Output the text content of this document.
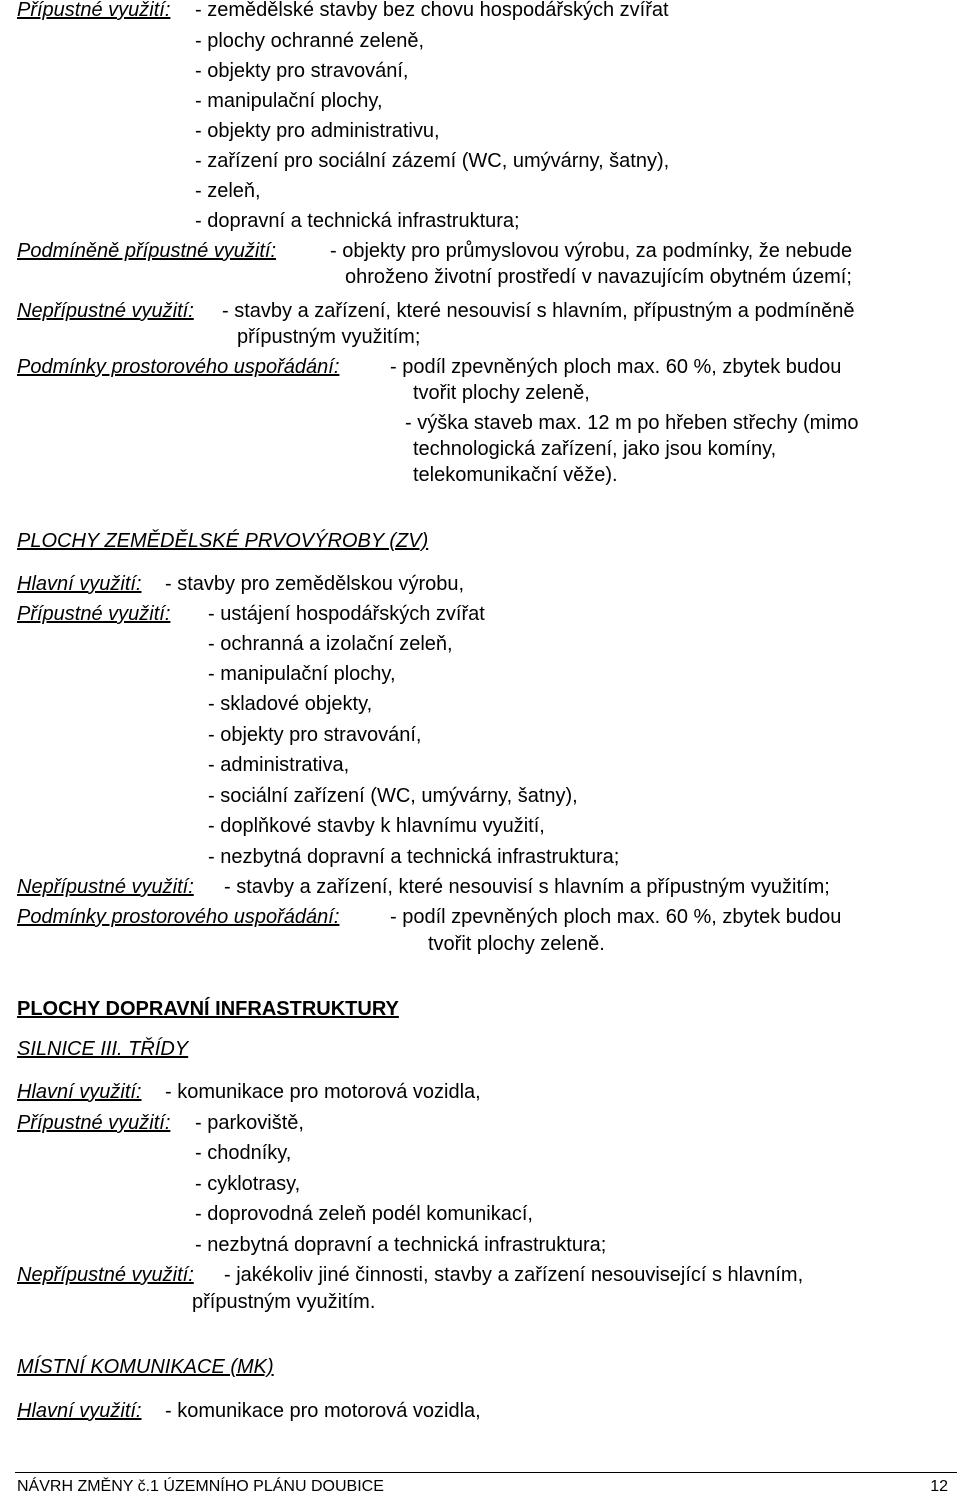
Přípustné využití: - zemědělské stavby bez chovu hospodářských zvířat
- plochy ochranné zeleně,
- objekty pro stravování,
- manipulační plochy,
- objekty pro administrativu,
- zařízení pro sociální zázemí (WC, umývárny, šatny),
- zeleň,
- dopravní a technická infrastruktura;
Podmíněně přípustné využití:	- objekty pro průmyslovou výrobu, za podmínky, že nebude
ohroženo životní prostředí v navazujícím obytném území;
Nepřípustné využití: - stavby a zařízení, které nesouvisí s hlavním, přípustným a podmíněně
přípustným využitím;
Podmínky prostorového uspořádání:	- podíl zpevněných ploch max. 60 %, zbytek budou
tvořit plochy zeleně,
- výška staveb max. 12 m po hřeben střechy (mimo
technologická zařízení, jako jsou komíny,
telekomunikační věže).
PLOCHY ZEMĚDĚLSKÉ PRVOVÝROBY (ZV)
Hlavní využití: - stavby pro zemědělskou výrobu,
Přípustné využití: - ustájení hospodářských zvířat
- ochranná a izolační zeleň,
- manipulační plochy,
- skladové objekty,
- objekty pro stravování,
- administrativa,
- sociální zařízení (WC, umývárny, šatny),
- doplňkové stavby k hlavnímu využití,
- nezbytná dopravní a technická infrastruktura;
Nepřípustné využití: - stavby a zařízení, které nesouvisí s hlavním a přípustným využitím;
Podmínky prostorového uspořádání:	- podíl zpevněných ploch max. 60 %, zbytek budou
tvořit plochy zeleně.
PLOCHY DOPRAVNÍ INFRASTRUKTURY
SILNICE III. TŘÍDY
Hlavní využití: - komunikace pro motorová vozidla,
Přípustné využití: - parkoviště,
- chodníky,
- cyklotrasy,
- doprovodná zeleň podél komunikací,
- nezbytná dopravní a technická infrastruktura;
Nepřípustné využití: - jakékoliv jiné činnosti, stavby a zařízení nesouvisející s hlavním,
přípustným využitím.
MÍSTNÍ KOMUNIKACE (MK)
Hlavní využití: - komunikace pro motorová vozidla,
NÁVRH ZMĚNY č.1 ÚZEMNÍHO PLÁNU DOUBICE	12
